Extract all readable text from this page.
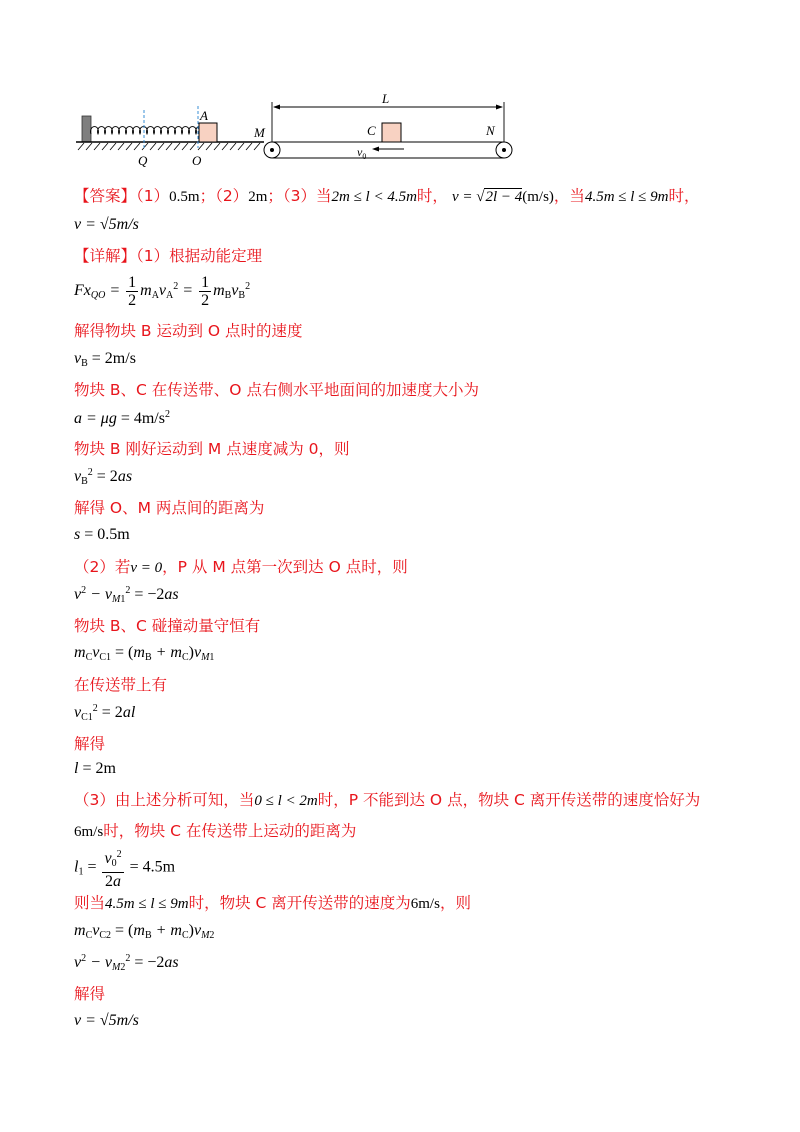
A
Q	O
M
L
C	N
$v_0$
【答案】（1）0.5m；（2）2m；（3）当2m ≤ l < 4.5m时， v = √2l − 4(m/s)，当4.5m ≤ l ≤ 9m时，
v = √5m/s
【详解】（1）根据动能定理
$Fx_{QO} = \frac{1}{2} m_Av_A^2 = \frac{1}{2} m_Bv_B^2$
解得物块 B 运动到 O 点时的速度
$v_B = 2m/s$
物块 B、C 在传送带、O 点右侧水平地面间的加速度大小为
$a = \mu g = 4m/s^2$
物块 B 刚好运动到 M 点速度减为 0，则
$v_B^2 = 2as$
解得 O、M 两点间的距离为
s = 0.5m
（2）若v = 0，P 从 M 点第一次到达 O 点时，则
$v^2 - v_{M1}^2 = -2as$
物块 B、C 碰撞动量守恒有
$m_Cv_{C1} = (m_B + m_C)v_{M1}$
在传送带上有
$v_{C1}^2 = 2al$
解得
l = 2m
（3）由上述分析可知，当0 ≤ l < 2m时，P 不能到达 O 点，物块 C 离开传送带的速度恰好为
6m/s时，物块 C 在传送带上运动的距离为
$l_1 = \frac{v_0^2}{2a} = 4.5m$
则当4.5m ≤ l ≤ 9m时，物块 C 离开传送带的速度为6m/s，则
$m_Cv_{C2} = (m_B + m_C)v_{M2}$
$v^2 - v_{M2}^2 = -2as$
解得
v = √5m/s
